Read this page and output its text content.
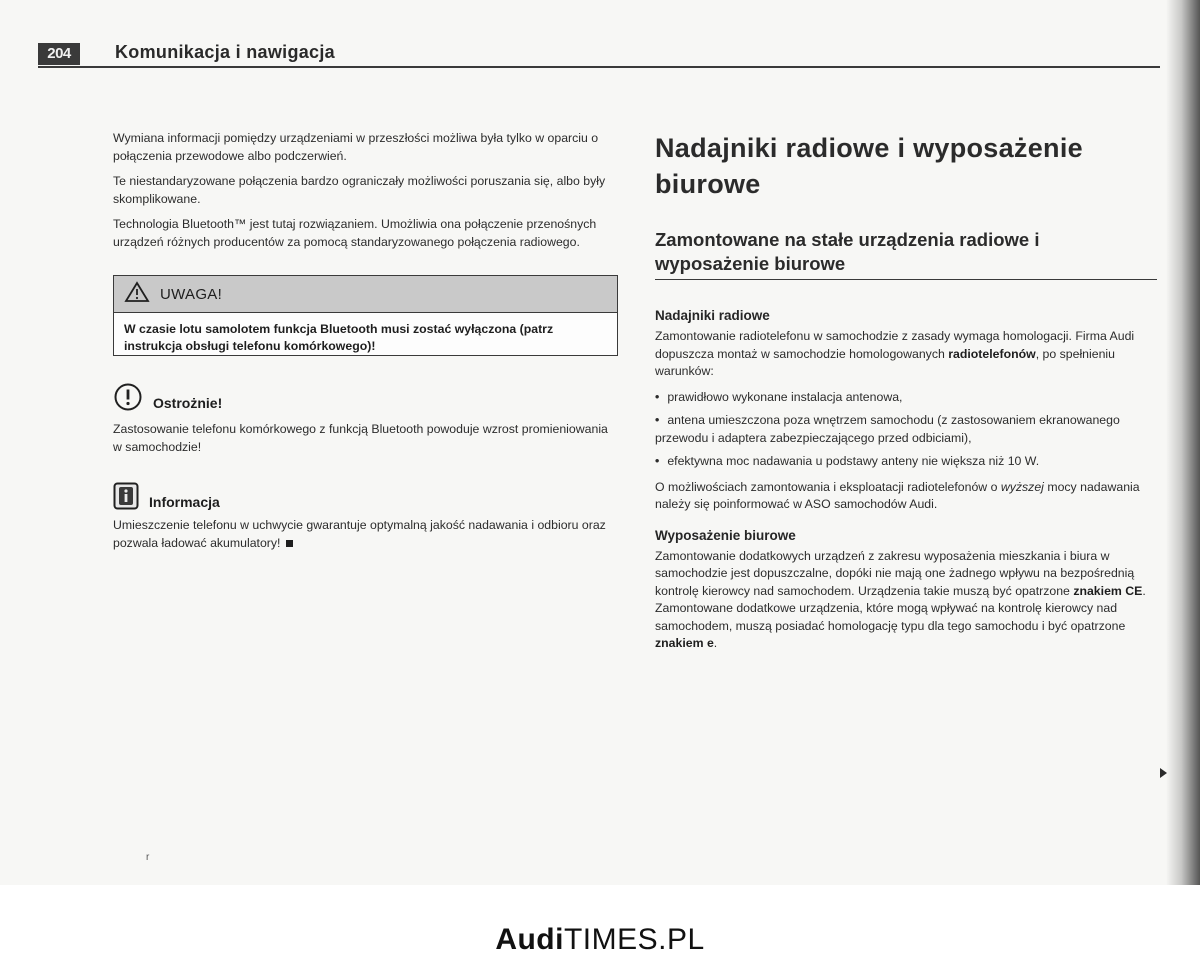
204	Komunikacja i nawigacja

Wymiana informacji pomiędzy urządzeniami w przeszłości możliwa była tylko w oparciu o połączenia przewodowe albo podczerwień.

Te niestandaryzowane połączenia bardzo ograniczały możliwości poruszania się, albo były skomplikowane.

Technologia Bluetooth™ jest tutaj rozwiązaniem. Umożliwia ona połączenie przenośnych urządzeń różnych producentów za pomocą standaryzowanego połączenia radiowego.

UWAGA!
W czasie lotu samolotem funkcja Bluetooth musi zostać wyłączona (patrz instrukcja obsługi telefonu komórkowego)!
Ostrożnie!

Zastosowanie telefonu komórkowego z funkcją Bluetooth powoduje wzrost promieniowania w samochodzie!

Informacja

Umieszczenie telefonu w uchwycie gwarantuje optymalną jakość nadawania i odbioru oraz pozwala ładować akumulatory!

Nadajniki radiowe i wyposażenie biurowe
Zamontowane na stałe urządzenia radiowe i wyposażenie biurowe
Nadajniki radiowe

Zamontowanie radiotelefonu w samochodzie z zasady wymaga homologacji. Firma Audi dopuszcza montaż w samochodzie homologowanych radiotelefonów, po spełnieniu warunków:

• prawidłowo wykonane instalacja antenowa,
• antena umieszczona poza wnętrzem samochodu (z zastosowaniem ekranowanego przewodu i adaptera zabezpieczającego przed odbiciami),
• efektywna moc nadawania u podstawy anteny nie większa niż 10 W.

O możliwościach zamontowania i eksploatacji radiotelefonów o wyższej mocy nadawania należy się poinformować w ASO samochodów Audi.

Wyposażenie biurowe

Zamontowanie dodatkowych urządzeń z zakresu wyposażenia mieszkania i biura w samochodzie jest dopuszczalne, dopóki nie mają one żadnego wpływu na bezpośrednią kontrolę kierowcy nad samochodem. Urządzenia takie muszą być opatrzone znakiem CE. Zamontowane dodatkowe urządzenia, które mogą wpływać na kontrolę kierowcy nad samochodem, muszą posiadać homologację typu dla tego samochodu i być opatrzone znakiem e.

r
AudiTIMES.PL
